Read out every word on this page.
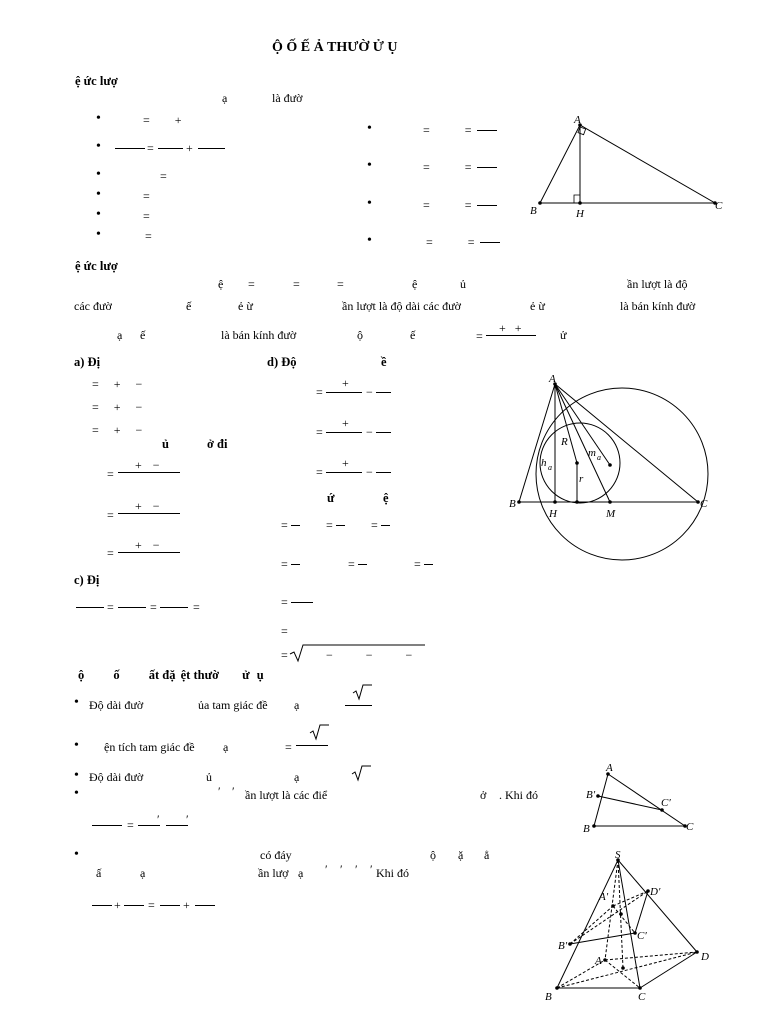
Ộ Ố Ế Ả THƯỜ Ử Ụ
ệ ức lượ
ạ	là đườ
•
= +
•
=	+
•
=
•
=
•
=
•
=
•
= =
•
= =
•
= =
•
= =
A
B	H
C
ệ ức lượ
ệ =	=	=	ệ	ủ	ần lượt là độ
các đườ	ế	ẻ ừ	ần lượt là độ dài các đườ	ẻ ừ	là bán kính đườ
ạ ế	là bán kính đườ	ộ	ế	=
+ +	ử
a) Đị
= + −
= + −
= + −
ủ	ở đi
=
+ −
=
+ −
=
+ −
c) Đị
=	=	=
d) Độ	ề
=
+
−
=
+
−
=
+
−
ứ	ệ
=	=	=
=	=	=
=
=
=	− − −
A
R
m a
h a
r
B
H	M
C
ộ ố ất đặ ệt thườ ử ụ
•
Độ dài đườ	ủa tam giác đề ạ
•
ện tích tam giác đề ạ	=
•
Độ dài đườ	ủ	ạ
•
′ ′ ần lượt là các điể	ở . Khi đó
= ′ ′
A
B′
C′
B	C
•
có đáy	ộ ặ ẳ
ấ	ạ	ần lượ ạ ′ ′ ′ ′ Khi đó
+ = +
S
A′	D′
C′
B′
A	D
B	C
